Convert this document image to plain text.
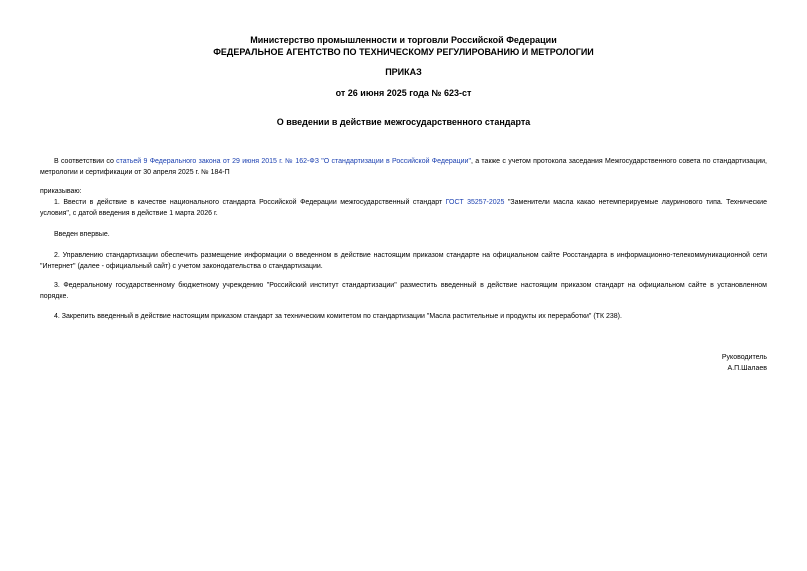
Министерство промышленности и торговли Российской Федерации
ФЕДЕРАЛЬНОЕ АГЕНТСТВО ПО ТЕХНИЧЕСКОМУ РЕГУЛИРОВАНИЮ И МЕТРОЛОГИИ
ПРИКАЗ
от 26 июня 2025 года № 623-ст
О введении в действие межгосударственного стандарта
В соответствии со статьей 9 Федерального закона от 29 июня 2015 г. № 162-ФЗ "О стандартизации в Российской Федерации", а также с учетом протокола заседания Межгосударственного совета по стандартизации, метрологии и сертификации от 30 апреля 2025 г. № 184-П
приказываю:
1. Ввести в действие в качестве национального стандарта Российской Федерации межгосударственный стандарт ГОСТ 35257-2025 "Заменители масла какао нетемперируемые лауринового типа. Технические условия", с датой введения в действие 1 марта 2026 г.
Введен впервые.
2. Управлению стандартизации обеспечить размещение информации о введенном в действие настоящим приказом стандарте на официальном сайте Росстандарта в информационно-телекоммуникационной сети "Интернет" (далее - официальный сайт) с учетом законодательства о стандартизации.
3. Федеральному государственному бюджетному учреждению "Российский институт стандартизации" разместить введенный в действие настоящим приказом стандарт на официальном сайте в установленном порядке.
4. Закрепить введенный в действие настоящим приказом стандарт за техническим комитетом по стандартизации "Масла растительные и продукты их переработки" (ТК 238).
Руководитель
А.П.Шалаев
